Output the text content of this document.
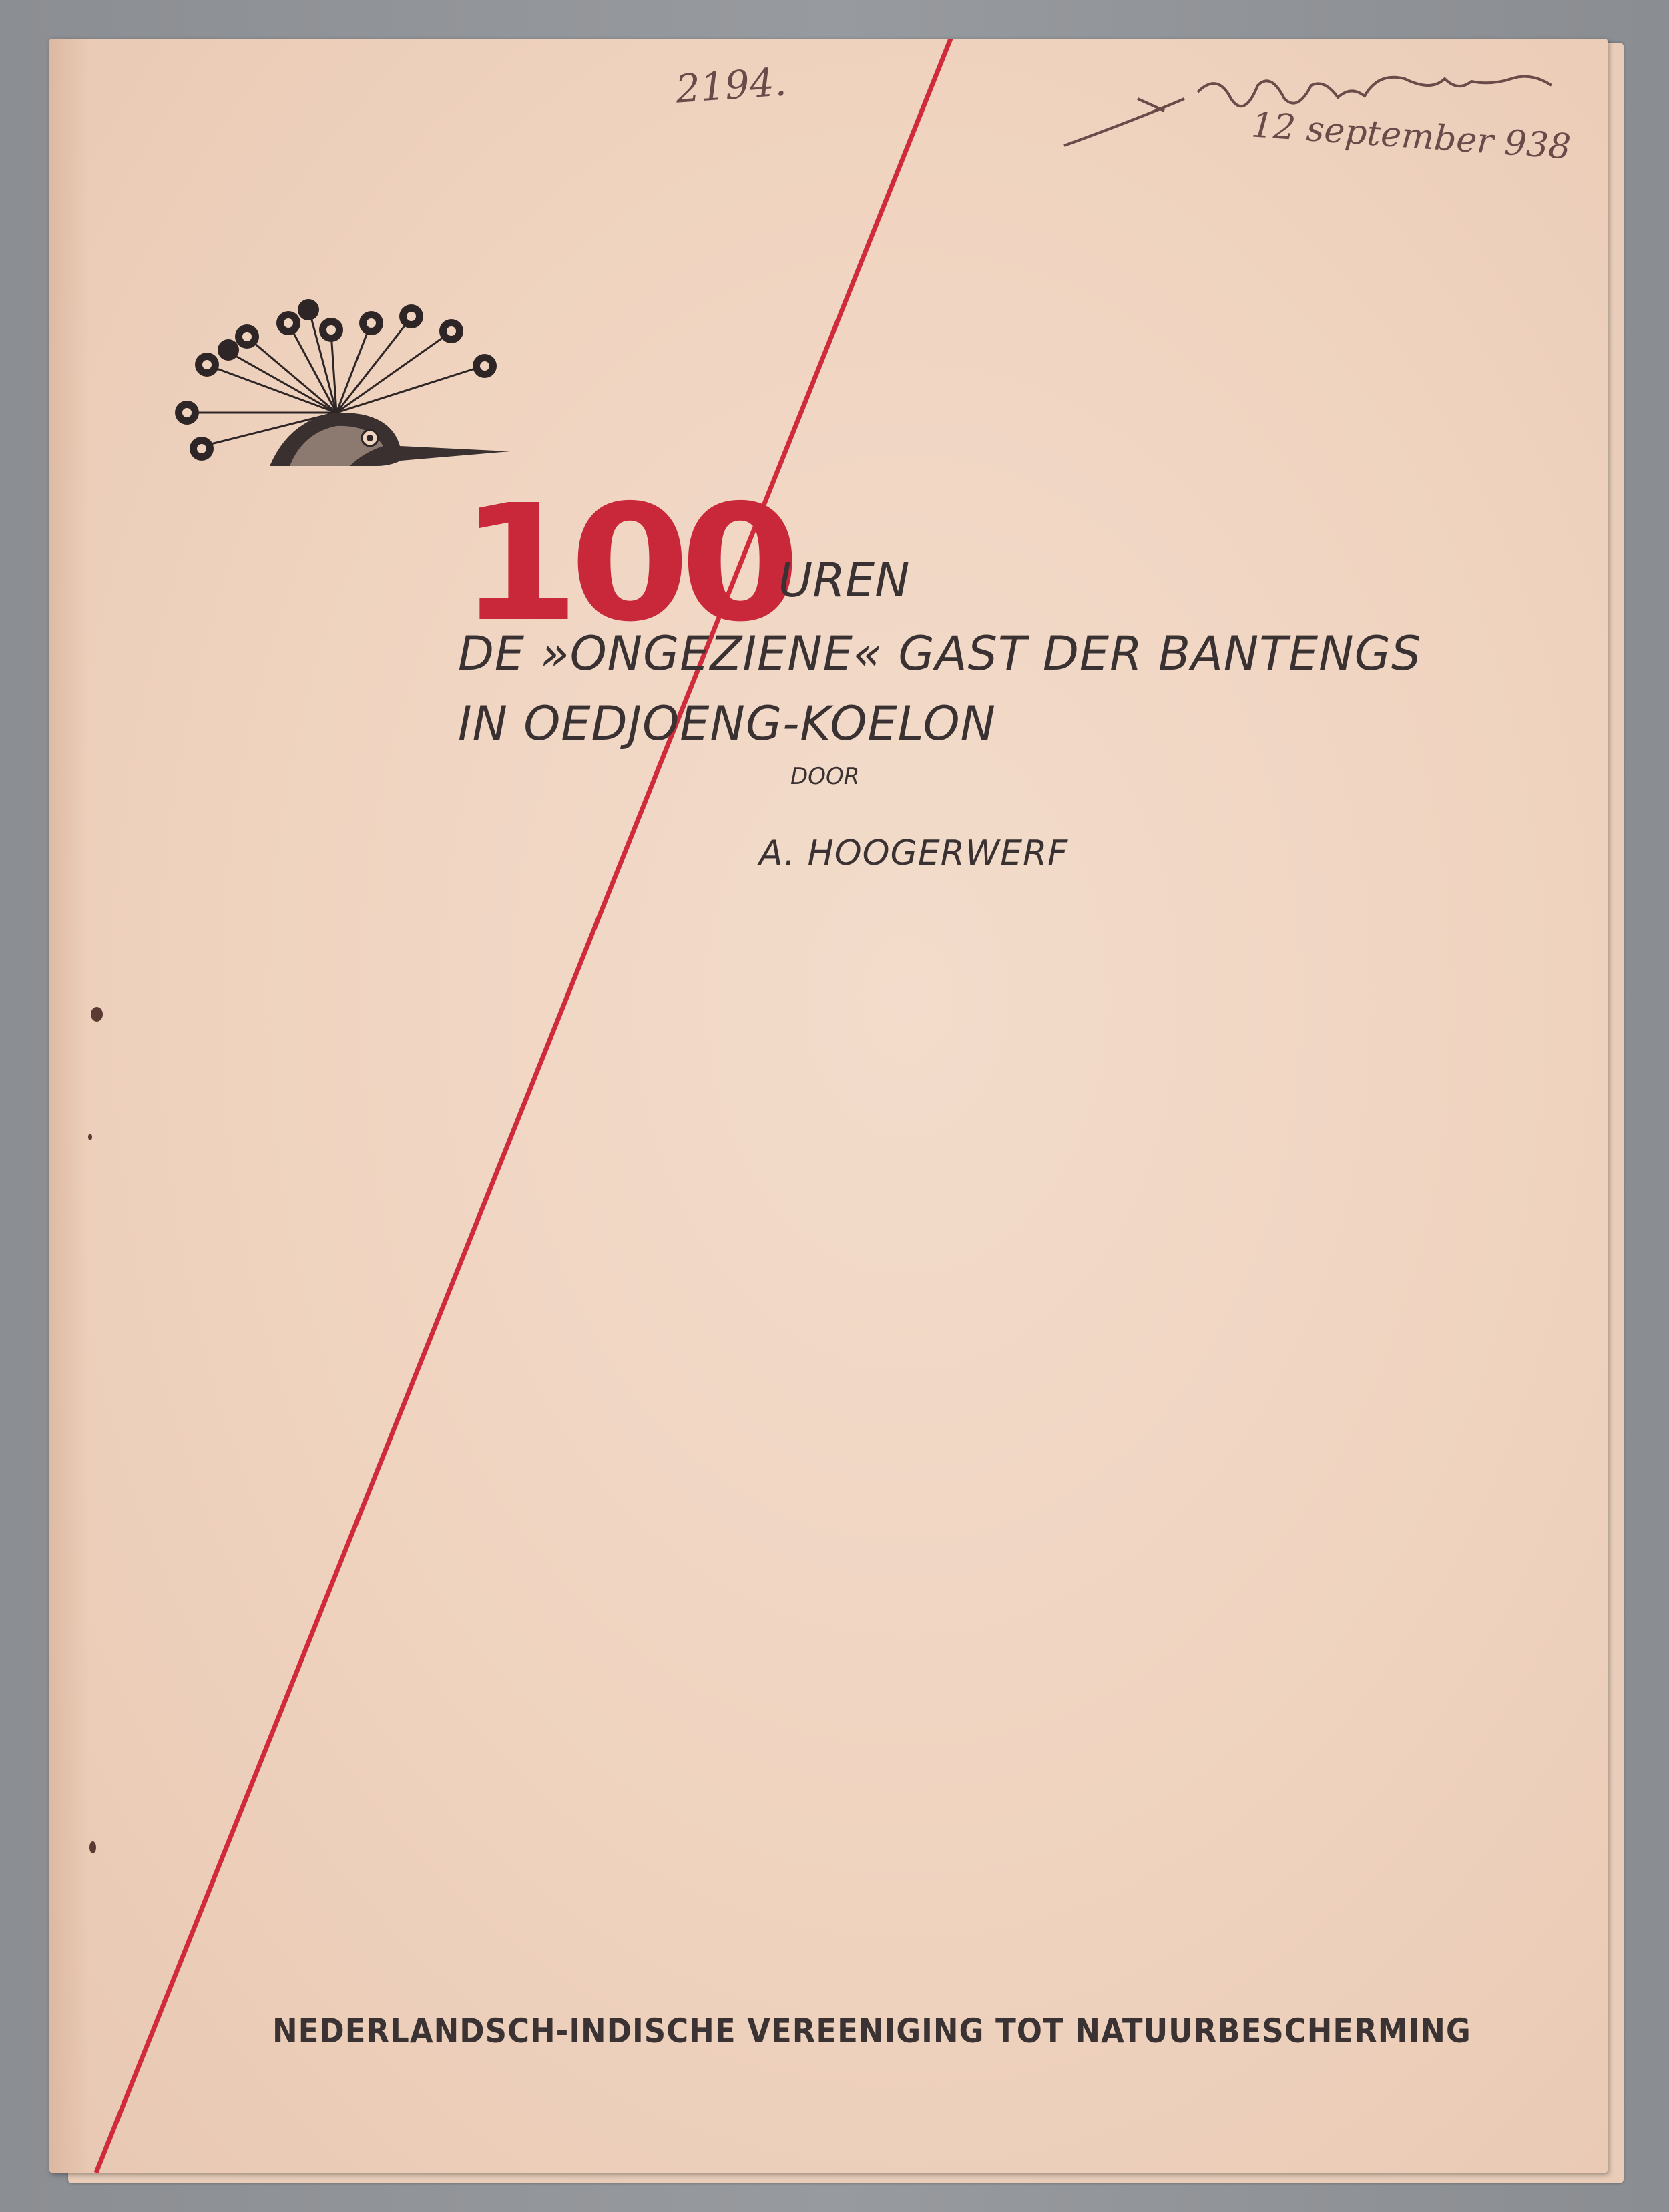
2194.
12 september 938
100
UREN
DE »ONGEZIENE« GAST DER BANTENGS
IN OEDJOENG-KOELON
DOOR
A. HOOGERWERF
NEDERLANDSCH-INDISCHE VEREENIGING TOT NATUURBESCHERMING
